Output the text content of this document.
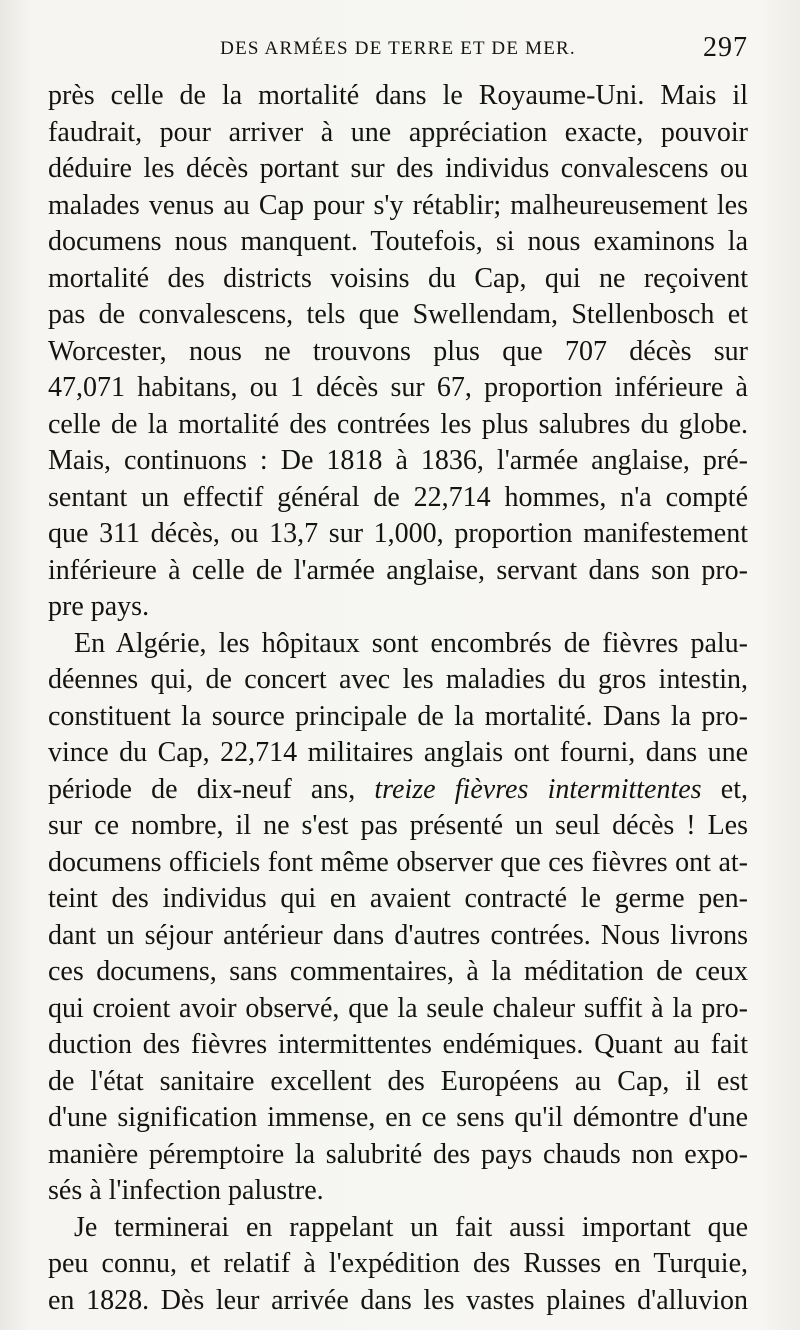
DES ARMÉES DE TERRE ET DE MER.	297
près celle de la mortalité dans le Royaume-Uni. Mais il
faudrait, pour arriver à une appréciation exacte, pouvoir
déduire les décès portant sur des individus convalescens ou
malades venus au Cap pour s'y rétablir; malheureusement les
documens nous manquent. Toutefois, si nous examinons la
mortalité des districts voisins du Cap, qui ne reçoivent
pas de convalescens, tels que Swellendam, Stellenbosch et
Worcester, nous ne trouvons plus que 707 décès sur
47,071 habitans, ou 1 décès sur 67, proportion inférieure à
celle de la mortalité des contrées les plus salubres du globe.
Mais, continuons : De 1818 à 1836, l'armée anglaise, pré-
sentant un effectif général de 22,714 hommes, n'a compté
que 311 décès, ou 13,7 sur 1,000, proportion manifestement
inférieure à celle de l'armée anglaise, servant dans son pro-
pre pays.
En Algérie, les hôpitaux sont encombrés de fièvres palu-
déennes qui, de concert avec les maladies du gros intestin,
constituent la source principale de la mortalité. Dans la pro-
vince du Cap, 22,714 militaires anglais ont fourni, dans une
période de dix-neuf ans, treize fièvres intermittentes et,
sur ce nombre, il ne s'est pas présenté un seul décès ! Les
documens officiels font même observer que ces fièvres ont at-
teint des individus qui en avaient contracté le germe pen-
dant un séjour antérieur dans d'autres contrées. Nous livrons
ces documens, sans commentaires, à la méditation de ceux
qui croient avoir observé, que la seule chaleur suffit à la pro-
duction des fièvres intermittentes endémiques. Quant au fait
de l'état sanitaire excellent des Européens au Cap, il est
d'une signification immense, en ce sens qu'il démontre d'une
manière péremptoire la salubrité des pays chauds non expo-
sés à l'infection palustre.
Je terminerai en rappelant un fait aussi important que
peu connu, et relatif à l'expédition des Russes en Turquie,
en 1828. Dès leur arrivée dans les vastes plaines d'alluvion
